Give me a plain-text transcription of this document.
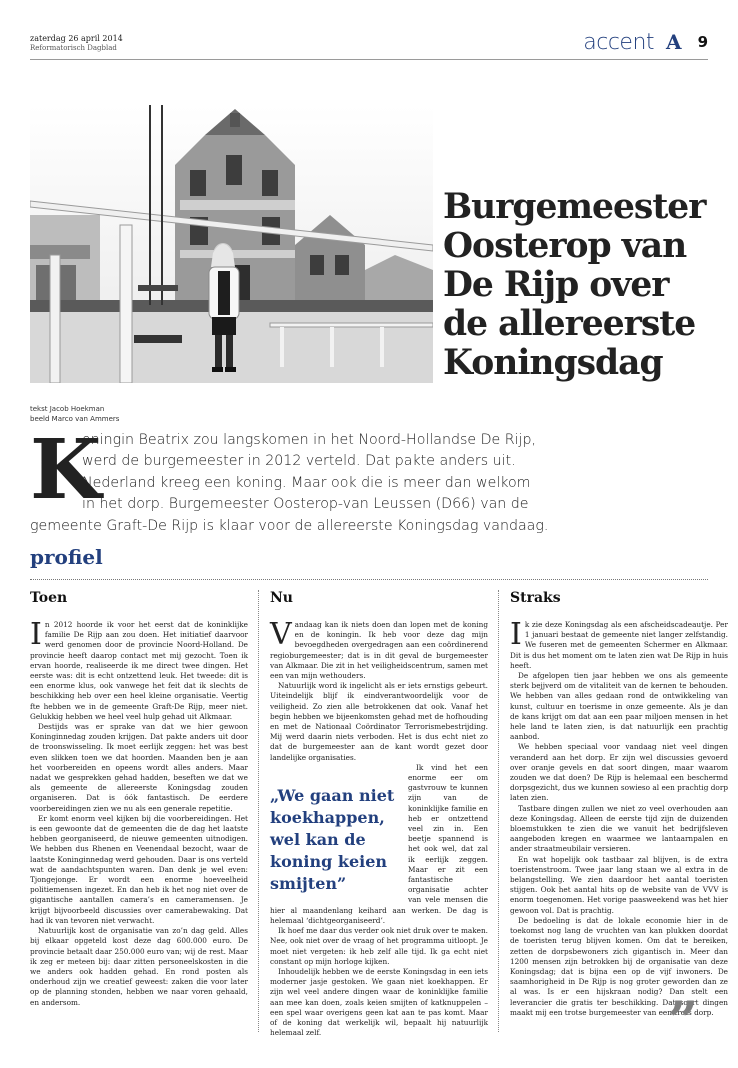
zaterdag 26 april 2014
Reformatorisch Dagblad	accent A 9
Burgemeester
Oosterop van
De Rijp over
de allereerste
Koningsdag
tekst Jacob Hoekman
beeld Marco van Ammers
K
oningin Beatrix zou langskomen in het Noord-Hollandse De Rijp,
werd de burgemeester in 2012 verteld. Dat pakte anders uit.
Nederland kreeg een koning. Maar ook die is meer dan welkom
in het dorp. Burgemeester Oosterop-van Leussen (D66) van de
gemeente Graft-De Rijp is klaar voor de allereerste Koningsdag vandaag.
profiel
Toen

In 2012 hoorde ik voor het eerst dat de koninklijke familie De Rijp aan zou doen. Het initiatief daarvoor werd genomen door de provincie Noord-Holland. De provincie heeft daarop contact met mij gezocht. Toen ik ervan hoorde, realiseerde ik me direct twee dingen. Het eerste was: dit is echt ontzettend leuk. Het tweede: dit is een enorme klus, ook vanwege het feit dat ik slechts de beschikking heb over een heel kleine organisatie. Veertig fte hebben we in de gemeente Graft-De Rijp, meer niet. Gelukkig hebben we heel veel hulp gehad uit Alkmaar.

Destijds was er sprake van dat we hier gewoon Koninginnedag zouden krijgen. Dat pakte anders uit door de troonswisseling. Ik moet eerlijk zeggen: het was best even slikken toen we dat hoorden. Maanden ben je aan het voorbereiden en opeens wordt alles anders. Maar nadat we gesprekken gehad hadden, beseften we dat we als gemeente de allereerste Koningsdag zouden organiseren. Dat is óók fantastisch. De eerdere voorbereidingen zien we nu als een generale repetitie.

Er komt enorm veel kijken bij die voorbereidingen. Het is een gewoonte dat de gemeenten die de dag het laatste hebben georganiseerd, de nieuwe gemeenten uitnodigen. We hebben dus Rhenen en Veenendaal bezocht, waar de laatste Koninginnedag werd gehouden. Daar is ons verteld wat de aandachtspunten waren. Dan denk je wel even: Tjongejonge. Er wordt een enorme hoeveelheid politiemensen ingezet. En dan heb ik het nog niet over de gigantische aantallen camera’s en cameramensen. Je krijgt bijvoorbeeld discussies over camerabewaking. Dat had ik van tevoren niet verwacht.

Natuurlijk kost de organisatie van zo’n dag geld. Alles bij elkaar opgeteld kost deze dag 600.000 euro. De provincie betaalt daar 250.000 euro van; wij de rest. Maar ik zeg er meteen bij: daar zitten personeelskosten in die we anders ook hadden gehad. En rond posten als onderhoud zijn we creatief geweest: zaken die voor later op de planning stonden, hebben we naar voren gehaald, en andersom.

Nu

Vandaag kan ik niets doen dan lopen met de koning en de koningin. Ik heb voor deze dag mijn bevoegdheden overgedragen aan een coördinerend regioburgemeester; dat is in dit geval de burgemeester van Alkmaar. Die zit in het veiligheidscentrum, samen met een van mijn wethouders.

Natuurlijk word ik ingelicht als er iets ernstigs gebeurt. Uiteindelijk blijf ik eindverantwoordelijk voor de veiligheid. Zo zien alle betrokkenen dat ook. Vanaf het begin hebben we bijeenkomsten gehad met de hofhouding en met de Nationaal Coördinator Terrorismebestrijding. Mij werd daarin niets verboden. Het is dus echt niet zo dat de burgemeester aan de kant wordt gezet door landelijke organisaties.

„We gaan niet koekhappen, wel kan de koning keien smijten”

Ik vind het een enorme eer om gastvrouw te kunnen zijn van de koninklijke familie en heb er ontzettend veel zin in. Een beetje spannend is het ook wel, dat zal ik eerlijk zeggen. Maar er zit een fantastische organisatie achter van vele mensen die hier al maandenlang keihard aan werken. De dag is helemaal ‘dichtgeorganiseerd’.

Ik hoef me daar dus verder ook niet druk over te maken. Nee, ook niet over de vraag of het programma uitloopt. Je moet niet vergeten: ik heb zelf alle tijd. Ik ga echt niet constant op mijn horloge kijken.

Inhoudelijk hebben we de eerste Koningsdag in een iets moderner jasje gestoken. We gaan niet koekhappen. Er zijn wel veel andere dingen waar de koninklijke familie aan mee kan doen, zoals keien smijten of katknuppelen – een spel waar overigens geen kat aan te pas komt. Maar of de koning dat werkelijk wil, bepaalt hij natuurlijk helemaal zelf.

Straks

Ik zie deze Koningsdag als een afscheidscadeautje. Per 1 januari bestaat de gemeente niet langer zelfstandig. We fuseren met de gemeenten Schermer en Alkmaar. Dit is dus het moment om te laten zien wat De Rijp in huis heeft.

De afgelopen tien jaar hebben we ons als gemeente sterk bejjverd om de vitaliteit van de kernen te behouden. We hebben van alles gedaan rond de ontwikkeling van kunst, cultuur en toerisme in onze gemeente. Als je dan de kans krijgt om dat aan een paar miljoen mensen in het hele land te laten zien, is dat natuurlijk een prachtig aanbod.

We hebben speciaal voor vandaag niet veel dingen veranderd aan het dorp. Er zijn wel discussies gevoerd over oranje gevels en dat soort dingen, maar waarom zouden we dat doen? De Rijp is helemaal een beschermd dorpsgezicht, dus we kunnen sowieso al een prachtig dorp laten zien.

Tastbare dingen zullen we niet zo veel overhouden aan deze Koningsdag. Alleen de eerste tijd zijn de duizenden bloemstukken te zien die we vanuit het bedrijfsleven aangeboden kregen en waarmee we lantaarnpalen en ander straatmeubilair versieren.

En wat hopelijk ook tastbaar zal blijven, is de extra toeristenstroom. Twee jaar lang staan we al extra in de belangstelling. We zien daardoor het aantal toeristen stijgen. Ook het aantal hits op de website van de VVV is enorm toegenomen. Het vorige paasweekend was het hier gewoon vol. Dat is prachtig.

De bedoeling is dat de lokale economie hier in de toekomst nog lang de vruchten van kan plukken doordat de toeristen terug blijven komen. Om dat te bereiken, zetten de dorpsbewoners zich gigantisch in. Meer dan 1200 mensen zijn betrokken bij de organisatie van deze Koningsdag; dat is bijna een op de vijf inwoners. De saamhorigheid in De Rijp is nog groter geworden dan ze al was. Is er een hijskraan nodig? Dan stelt een leverancier die gratis ter beschikking. Dat soort dingen maakt mij een trotse burgemeester van een trots dorp.

”
